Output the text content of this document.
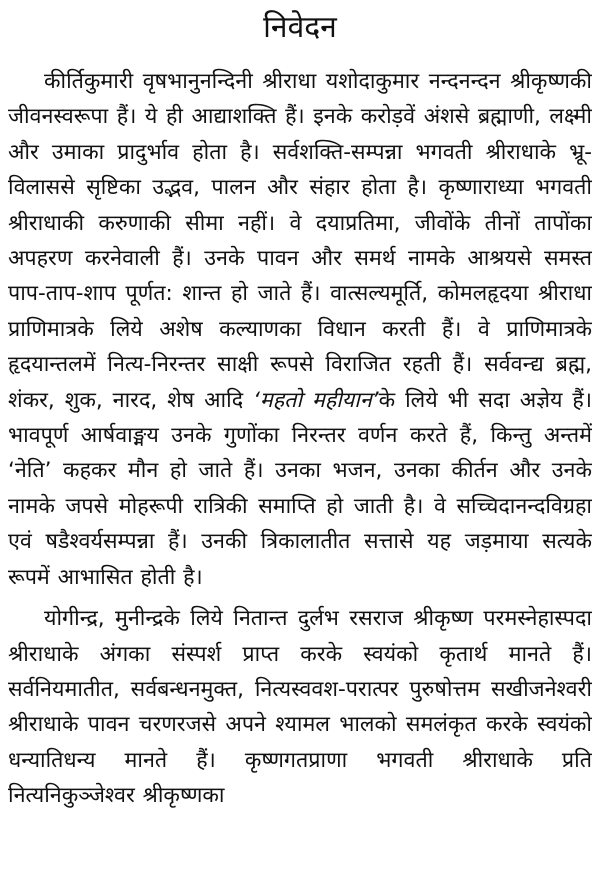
निवेदन

कीर्तिकुमारी वृषभानुनन्दिनी श्रीराधा यशोदाकुमार नन्दनन्दन श्रीकृष्णकी जीवनस्वरूपा हैं। ये ही आद्याशक्ति हैं। इनके करोड़वें अंशसे ब्रह्माणी, लक्ष्मी और उमाका प्रादुर्भाव होता है। सर्वशक्ति-सम्पन्ना भगवती श्रीराधाके भ्रू-विलाससे सृष्टिका उद्भव, पालन और संहार होता है। कृष्णाराध्या भगवती श्रीराधाकी करुणाकी सीमा नहीं। वे दयाप्रतिमा, जीवोंके तीनों तापोंका अपहरण करनेवाली हैं। उनके पावन और समर्थ नामके आश्रयसे समस्त पाप-ताप-शाप पूर्णत: शान्त हो जाते हैं। वात्सल्यमूर्ति, कोमलहृदया श्रीराधा प्राणिमात्रके लिये अशेष कल्याणका विधान करती हैं। वे प्राणिमात्रके हृदयान्तलमें नित्य-निरन्तर साक्षी रूपसे विराजित रहती हैं। सर्ववन्द्य ब्रह्म, शंकर, शुक, नारद, शेष आदि ‘महतो महीयान’के लिये भी सदा अज्ञेय हैं। भावपूर्ण आर्षवाङ्मय उनके गुणोंका निरन्तर वर्णन करते हैं, किन्तु अन्तमें ‘नेति’ कहकर मौन हो जाते हैं। उनका भजन, उनका कीर्तन और उनके नामके जपसे मोहरूपी रात्रिकी समाप्ति हो जाती है। वे सच्चिदानन्दविग्रहा एवं षडैश्वर्यसम्पन्ना हैं। उनकी त्रिकालातीत सत्तासे यह जड़माया सत्यके रूपमें आभासित होती है।

योगीन्द्र, मुनीन्द्रके लिये नितान्त दुर्लभ रसराज श्रीकृष्ण परमस्नेहास्पदा श्रीराधाके अंगका संस्पर्श प्राप्त करके स्वयंको कृतार्थ मानते हैं। सर्वनियमातीत, सर्वबन्धनमुक्त, नित्यस्ववश-परात्पर पुरुषोत्तम सखीजनेश्वरी श्रीराधाके पावन चरणरजसे अपने श्यामल भालको समलंकृत करके स्वयंको धन्यातिधन्य मानते हैं। कृष्णगतप्राणा भगवती श्रीराधाके प्रति नित्यनिकुञ्जेश्वर श्रीकृष्णका
